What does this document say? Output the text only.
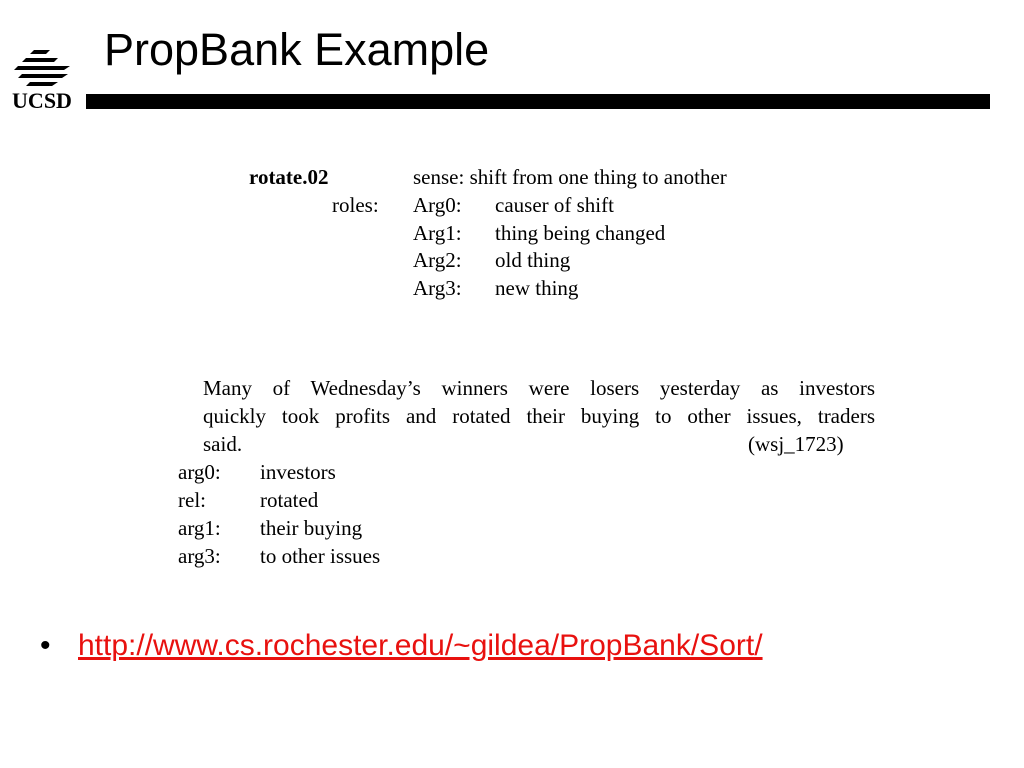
UCSD
PropBank Example
rotate.02	sense: shift from one thing to another
roles: Arg0: causer of shift
Arg1: thing being changed
Arg2: old thing
Arg3: new thing
Many of Wednesday’s winners were losers yesterday as investors
quickly took profits and rotated their buying to other issues, traders
said.	(wsj_1723)
arg0: investors
rel:	rotated
arg1: their buying
arg3: to other issues
• http://www.cs.rochester.edu/~gildea/PropBank/Sort/
